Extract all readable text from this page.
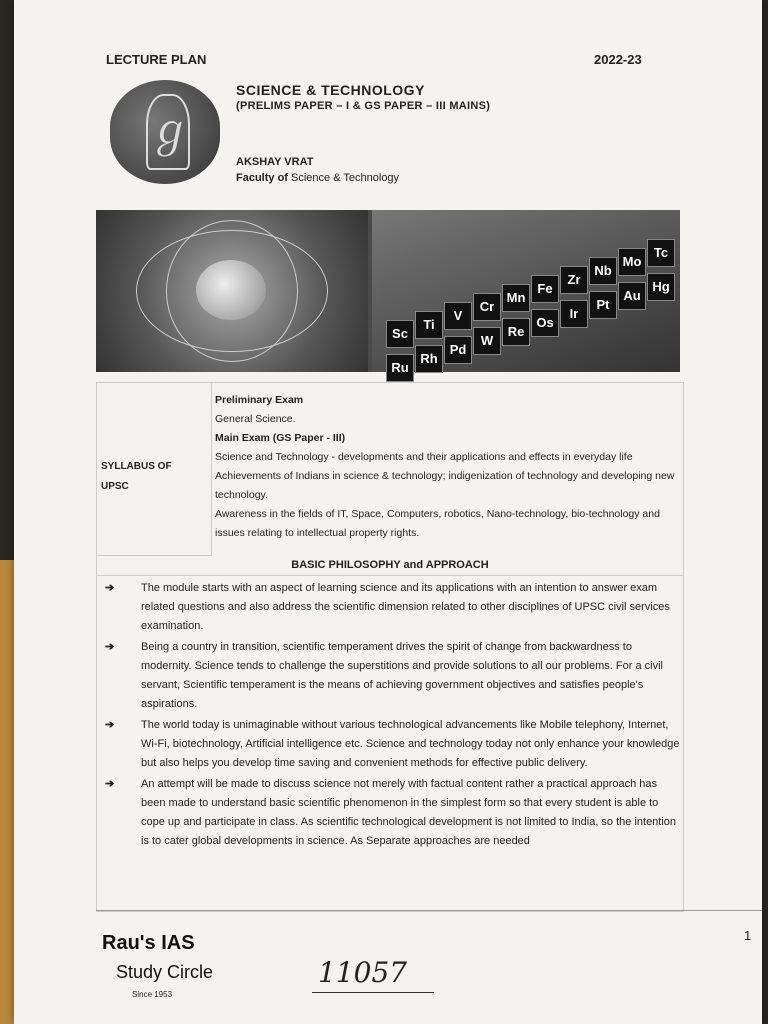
LECTURE PLAN	2022-23
ℊ
SCIENCE & TECHNOLOGY
(PRELIMS PAPER – I & GS PAPER – III MAINS)
AKSHAY VRAT
Faculty of Science & Technology
Sc
Ti
V
Cr
Mn
Fe
Zr
Nb
Mo
Tc
Ru
Rh
Pd
W
Re
Os
Ir
Pt
Au
Hg
SYLLABUS OF UPSC
Preliminary Exam
General Science.
Main Exam (GS Paper - III)
Science and Technology - developments and their applications and effects in everyday life Achievements of Indians in science & technology; indigenization of technology and developing new technology.
Awareness in the fields of IT, Space, Computers, robotics, Nano-technology, bio-technology and issues relating to intellectual property rights.
BASIC PHILOSOPHY and APPROACH
➔ The module starts with an aspect of learning science and its applications with an intention to answer exam related questions and also address the scientific dimension related to other disciplines of UPSC civil services examination.
➔ Being a country in transition, scientific temperament drives the spirit of change from backwardness to modernity. Science tends to challenge the superstitions and provide solutions to all our problems. For a civil servant, Scientific temperament is the means of achieving government objectives and satisfies people's aspirations.
➔ The world today is unimaginable without various technological advancements like Mobile telephony, Internet, Wi-Fi, biotechnology, Artificial intelligence etc. Science and technology today not only enhance your knowledge but also helps you develop time saving and convenient methods for effective public delivery.
➔ An attempt will be made to discuss science not merely with factual content rather a practical approach has been made to understand basic scientific phenomenon in the simplest form so that every student is able to cope up and participate in class. As scientific technological development is not limited to India, so the intention is to cater global developments in science. As Separate approaches are needed
Rau's IAS
Study Circle
Since 1953
11057
1
